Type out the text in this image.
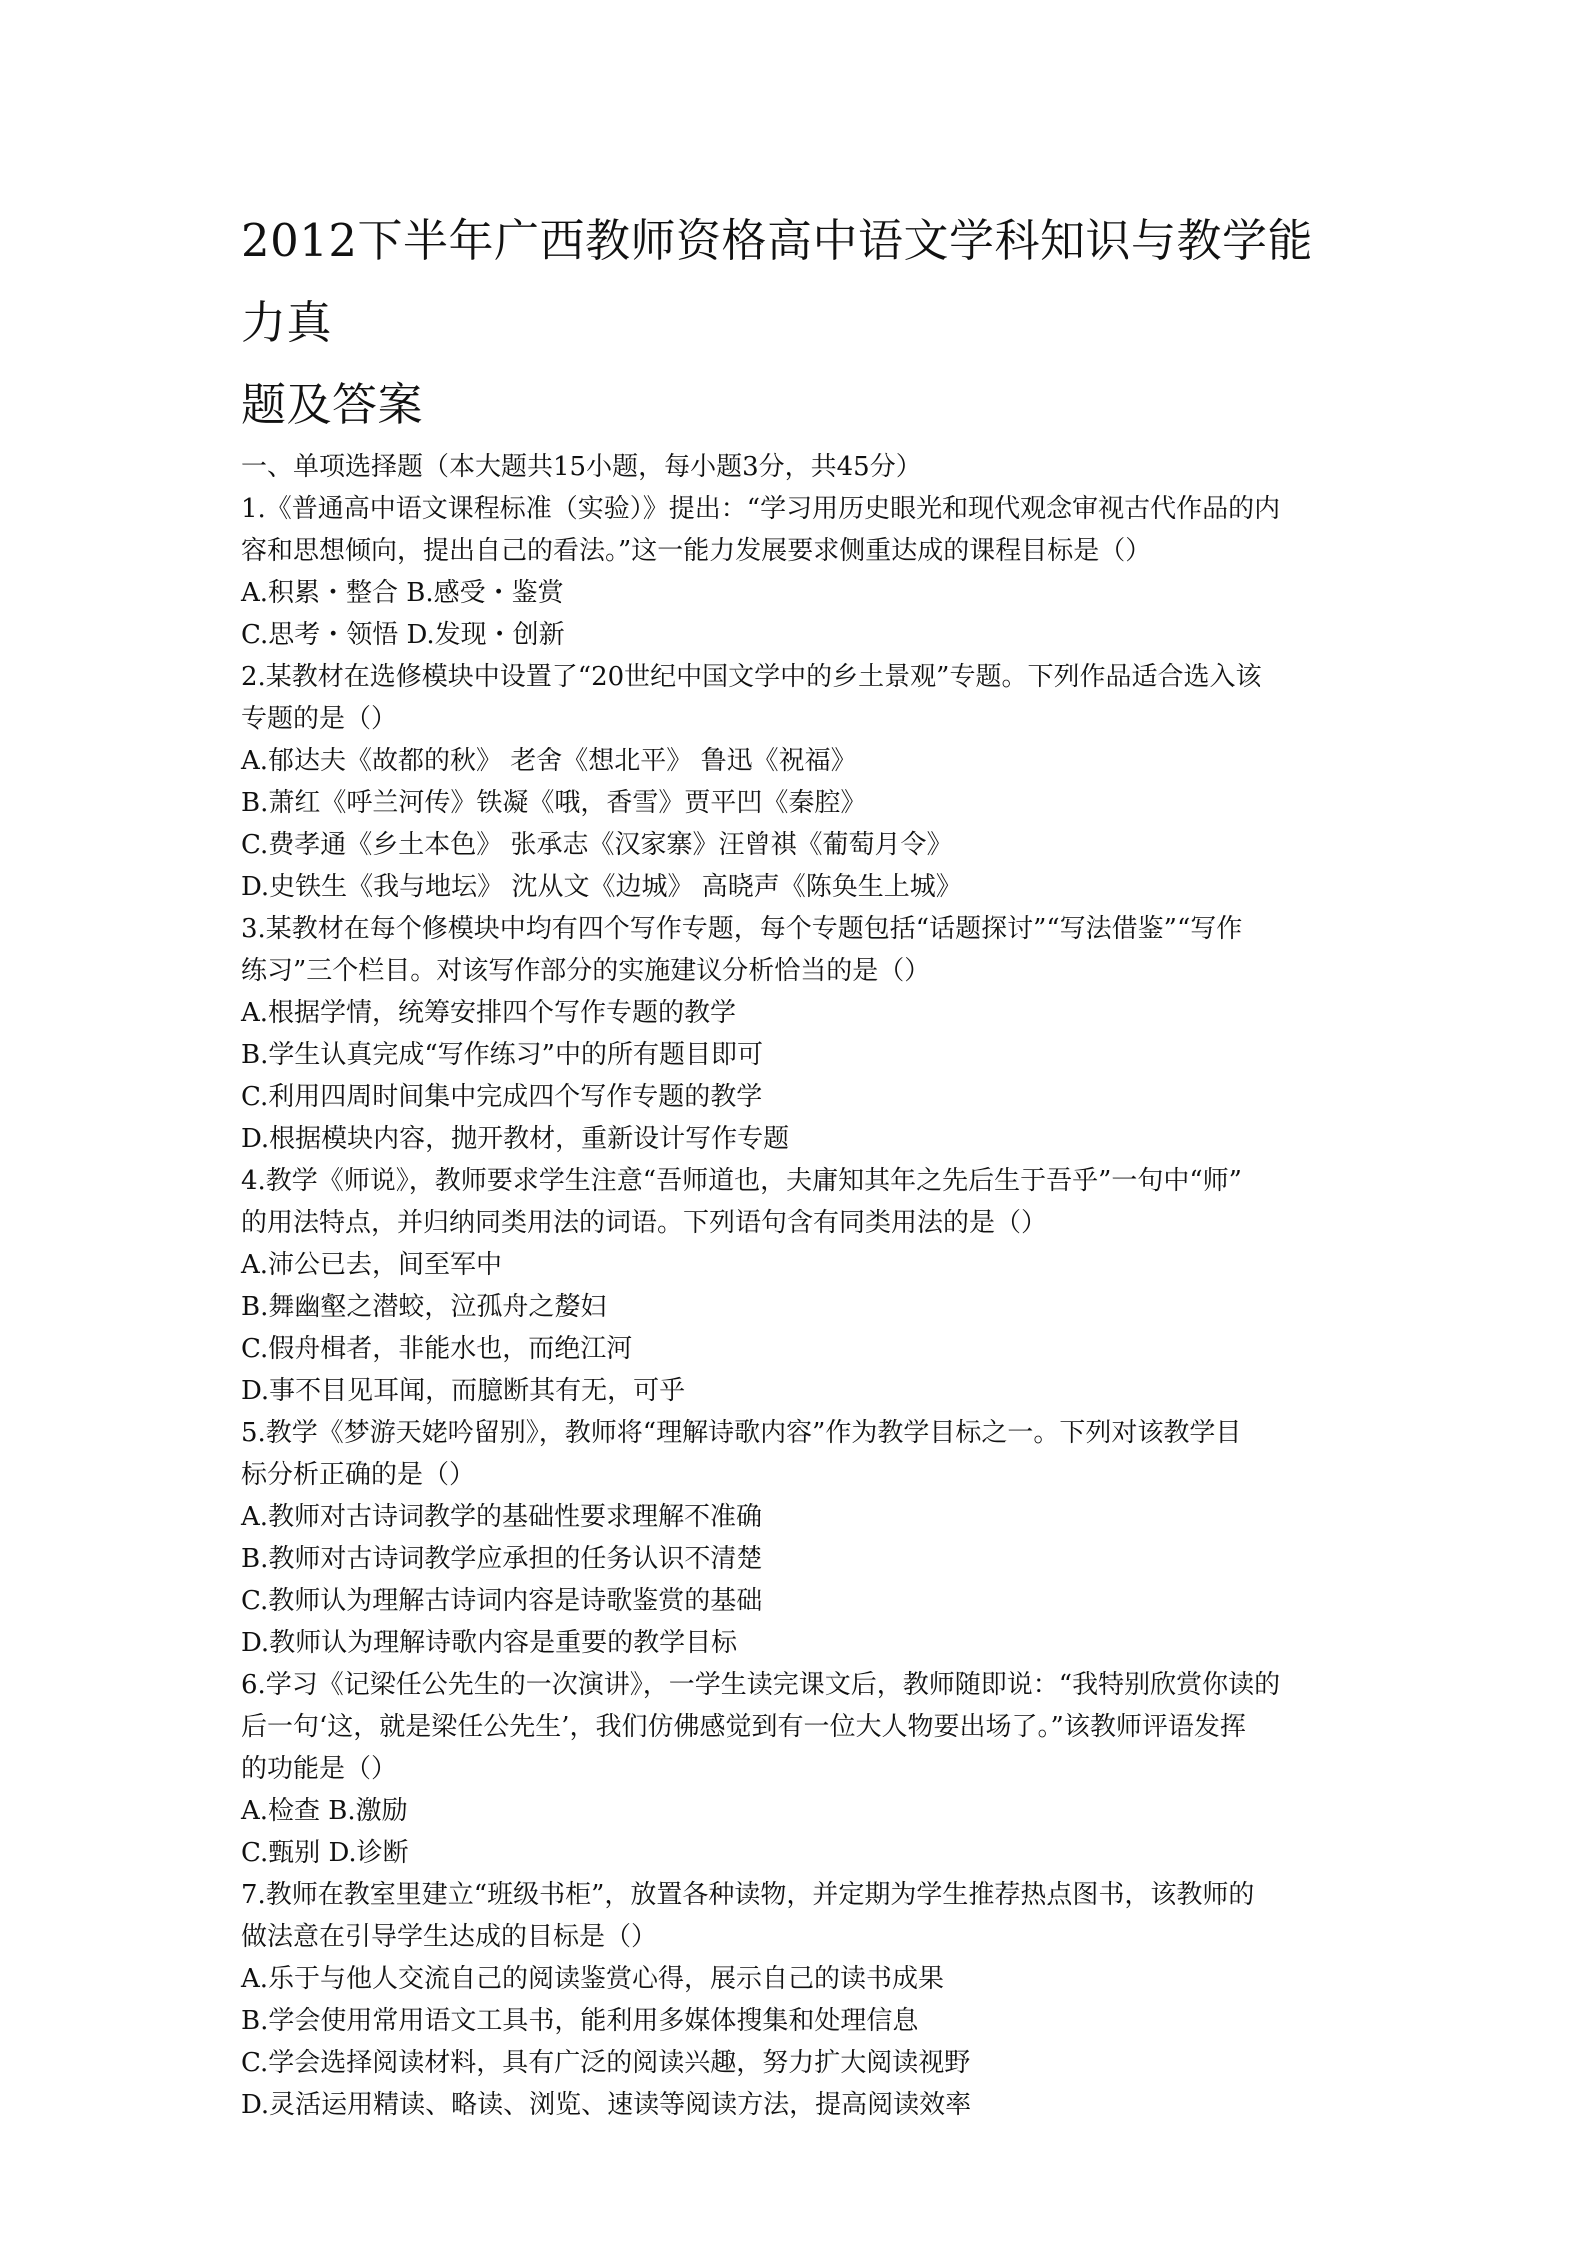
2012下半年广西教师资格高中语文学科知识与教学能力真
题及答案

一、单项选择题（本大题共15小题，每小题3分，共45分）

1.《普通高中语文课程标准（实验）》提出：“学习用历史眼光和现代观念审视古代作品的内

容和思想倾向，提出自己的看法。”这一能力发展要求侧重达成的课程目标是（）

A.积累・整合 B.感受・鉴赏

C.思考・领悟 D.发现・创新

2.某教材在选修模块中设置了“20世纪中国文学中的乡土景观”专题。下列作品适合选入该

专题的是（）

A.郁达夫《故都的秋》 老舍《想北平》 鲁迅《祝福》

B.萧红《呼兰河传》铁凝《哦，香雪》贾平凹《秦腔》

C.费孝通《乡土本色》 张承志《汉家寨》汪曾祺《葡萄月令》

D.史铁生《我与地坛》 沈从文《边城》 高晓声《陈奂生上城》

3.某教材在每个修模块中均有四个写作专题，每个专题包括“话题探讨”“写法借鉴”“写作

练习”三个栏目。对该写作部分的实施建议分析恰当的是（）

A.根据学情，统筹安排四个写作专题的教学

B.学生认真完成“写作练习”中的所有题目即可

C.利用四周时间集中完成四个写作专题的教学

D.根据模块内容，抛开教材，重新设计写作专题

4.教学《师说》，教师要求学生注意“吾师道也，夫庸知其年之先后生于吾乎”一句中“师”

的用法特点，并归纳同类用法的词语。下列语句含有同类用法的是（）

A.沛公已去，间至军中

B.舞幽壑之潜蛟，泣孤舟之嫠妇

C.假舟楫者，非能水也，而绝江河

D.事不目见耳闻，而臆断其有无，可乎

5.教学《梦游天姥吟留别》，教师将“理解诗歌内容”作为教学目标之一。下列对该教学目

标分析正确的是（）

A.教师对古诗词教学的基础性要求理解不准确

B.教师对古诗词教学应承担的任务认识不清楚

C.教师认为理解古诗词内容是诗歌鉴赏的基础

D.教师认为理解诗歌内容是重要的教学目标

6.学习《记梁任公先生的一次演讲》，一学生读完课文后，教师随即说：“我特别欣赏你读的

后一句‘这，就是梁任公先生’，我们仿佛感觉到有一位大人物要出场了。”该教师评语发挥

的功能是（）

A.检查 B.激励

C.甄别 D.诊断

7.教师在教室里建立“班级书柜”，放置各种读物，并定期为学生推荐热点图书，该教师的

做法意在引导学生达成的目标是（）

A.乐于与他人交流自己的阅读鉴赏心得，展示自己的读书成果

B.学会使用常用语文工具书，能利用多媒体搜集和处理信息

C.学会选择阅读材料，具有广泛的阅读兴趣，努力扩大阅读视野

D.灵活运用精读、略读、浏览、速读等阅读方法，提高阅读效率
